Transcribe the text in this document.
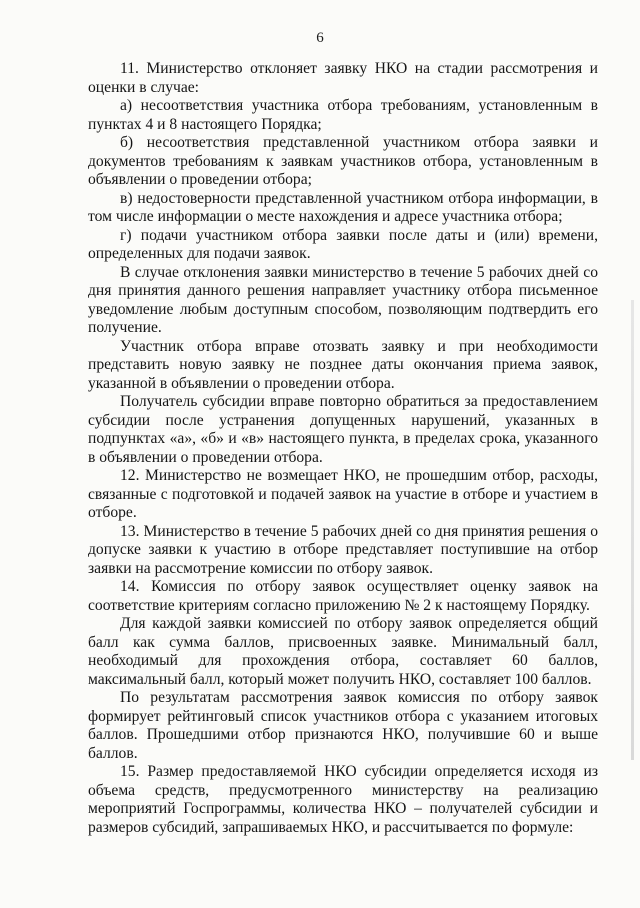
6

11. Министерство отклоняет заявку НКО на стадии рассмотрения и оценки в случае:

а) несоответствия участника отбора требованиям, установленным в пунктах 4 и 8 настоящего Порядка;

б) несоответствия представленной участником отбора заявки и документов требованиям к заявкам участников отбора, установленным в объявлении о проведении отбора;

в) недостоверности представленной участником отбора информации, в том числе информации о месте нахождения и адресе участника отбора;

г) подачи участником отбора заявки после даты и (или) времени, определенных для подачи заявок.

В случае отклонения заявки министерство в течение 5 рабочих дней со дня принятия данного решения направляет участнику отбора письменное уведомление любым доступным способом, позволяющим подтвердить его получение.

Участник отбора вправе отозвать заявку и при необходимости представить новую заявку не позднее даты окончания приема заявок, указанной в объявлении о проведении отбора.

Получатель субсидии вправе повторно обратиться за предоставлением субсидии после устранения допущенных нарушений, указанных в подпунктах «а», «б» и «в» настоящего пункта, в пределах срока, указанного в объявлении о проведении отбора.

12. Министерство не возмещает НКО, не прошедшим отбор, расходы, связанные с подготовкой и подачей заявок на участие в отборе и участием в отборе.

13. Министерство в течение 5 рабочих дней со дня принятия решения о допуске заявки к участию в отборе представляет поступившие на отбор заявки на рассмотрение комиссии по отбору заявок.

14. Комиссия по отбору заявок осуществляет оценку заявок на соответствие критериям согласно приложению № 2 к настоящему Порядку.

Для каждой заявки комиссией по отбору заявок определяется общий балл как сумма баллов, присвоенных заявке. Минимальный балл, необходимый для прохождения отбора, составляет 60 баллов, максимальный балл, который может получить НКО, составляет 100 баллов.

По результатам рассмотрения заявок комиссия по отбору заявок формирует рейтинговый список участников отбора с указанием итоговых баллов. Прошедшими отбор признаются НКО, получившие 60 и выше баллов.

15. Размер предоставляемой НКО субсидии определяется исходя из объема средств, предусмотренного министерству на реализацию мероприятий Госпрограммы, количества НКО – получателей субсидии и размеров субсидий, запрашиваемых НКО, и рассчитывается по формуле:
